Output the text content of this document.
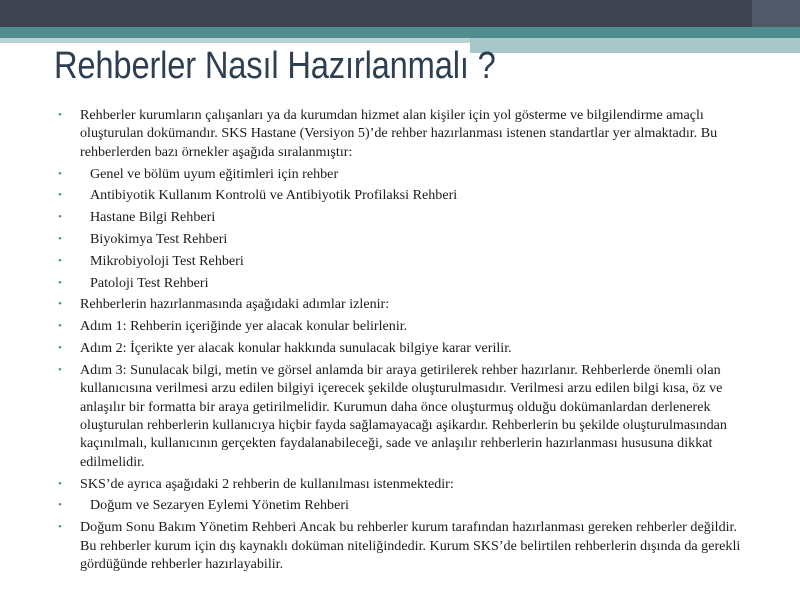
Rehberler Nasıl Hazırlanmalı ?
• Rehberler kurumların çalışanları ya da kurumdan hizmet alan kişiler için yol gösterme ve bilgilendirme amaçlı oluşturulan dokümandır. SKS Hastane (Versiyon 5)’de rehber hazırlanması istenen standartlar yer almaktadır. Bu rehberlerden bazı örnekler aşağıda sıralanmıştır:
• Genel ve bölüm uyum eğitimleri için rehber
• Antibiyotik Kullanım Kontrolü ve Antibiyotik Profilaksi Rehberi
• Hastane Bilgi Rehberi
• Biyokimya Test Rehberi
• Mikrobiyoloji Test Rehberi
• Patoloji Test Rehberi
• Rehberlerin hazırlanmasında aşağıdaki adımlar izlenir:
• Adım 1: Rehberin içeriğinde yer alacak konular belirlenir.
• Adım 2: İçerikte yer alacak konular hakkında sunulacak bilgiye karar verilir.
• Adım 3: Sunulacak bilgi, metin ve görsel anlamda bir araya getirilerek rehber hazırlanır. Rehberlerde önemli olan kullanıcısına verilmesi arzu edilen bilgiyi içerecek şekilde oluşturulmasıdır. Verilmesi arzu edilen bilgi kısa, öz ve anlaşılır bir formatta bir araya getirilmelidir. Kurumun daha önce oluşturmuş olduğu dokümanlardan derlenerek oluşturulan rehberlerin kullanıcıya hiçbir fayda sağlamayacağı aşikardır. Rehberlerin bu şekilde oluşturulmasından kaçınılmalı, kullanıcının gerçekten faydalanabileceği, sade ve anlaşılır rehberlerin hazırlanması hususuna dikkat edilmelidir.
• SKS’de ayrıca aşağıdaki 2 rehberin de kullanılması istenmektedir:
• Doğum ve Sezaryen Eylemi Yönetim Rehberi
• Doğum Sonu Bakım Yönetim Rehberi Ancak bu rehberler kurum tarafından hazırlanması gereken rehberler değildir. Bu rehberler kurum için dış kaynaklı doküman niteliğindedir. Kurum SKS’de belirtilen rehberlerin dışında da gerekli gördüğünde rehberler hazırlayabilir.
